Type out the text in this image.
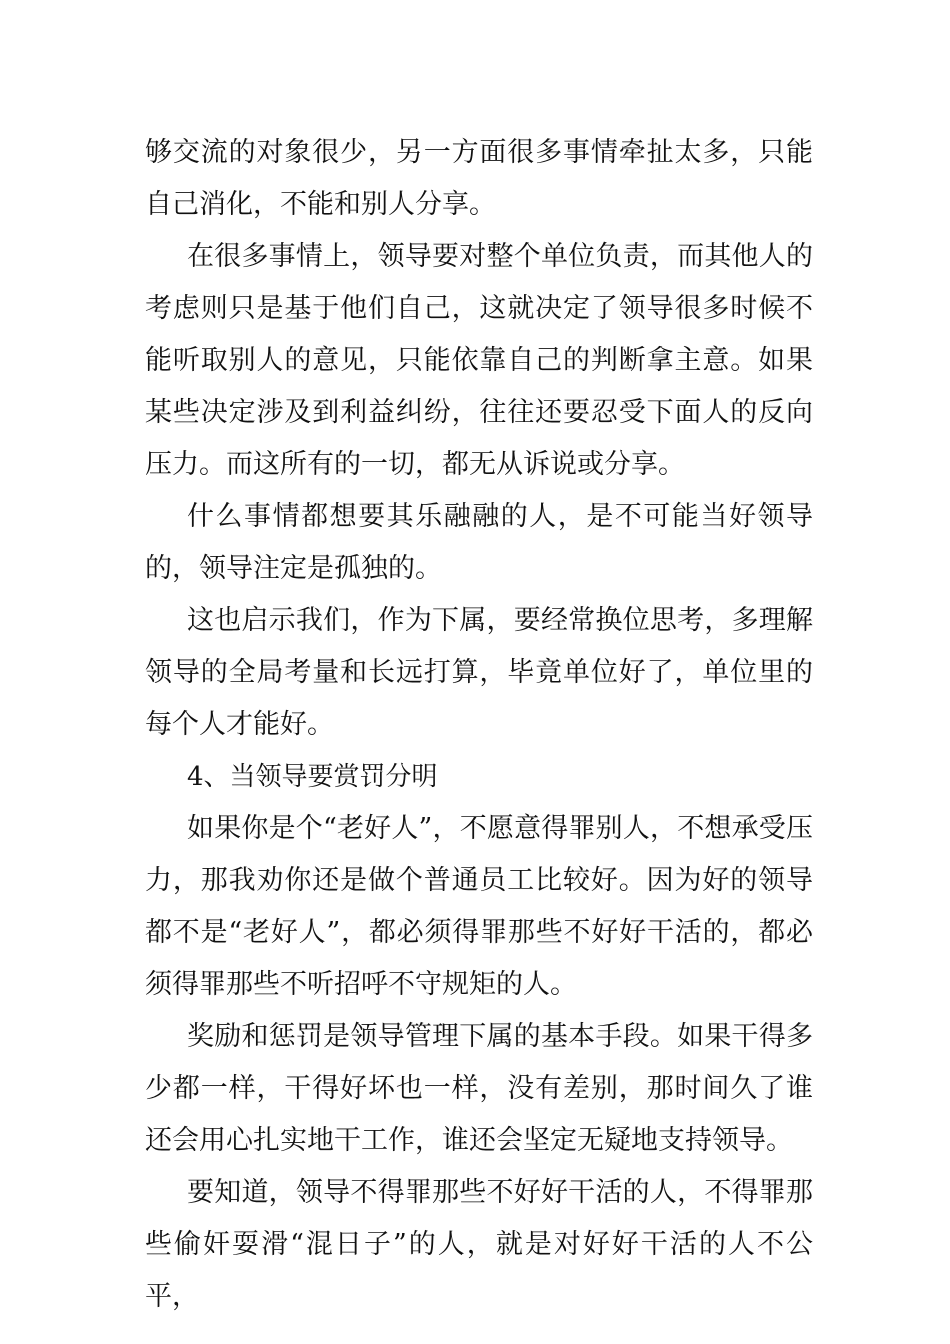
够交流的对象很少，另一方面很多事情牵扯太多，只能自己消化，不能和别人分享。

在很多事情上，领导要对整个单位负责，而其他人的考虑则只是基于他们自己，这就决定了领导很多时候不能听取别人的意见，只能依靠自己的判断拿主意。如果某些决定涉及到利益纠纷，往往还要忍受下面人的反向压力。而这所有的一切，都无从诉说或分享。

什么事情都想要其乐融融的人，是不可能当好领导的，领导注定是孤独的。

这也启示我们，作为下属，要经常换位思考，多理解领导的全局考量和长远打算，毕竟单位好了，单位里的每个人才能好。

4、当领导要赏罚分明

如果你是个“老好人”，不愿意得罪别人，不想承受压力，那我劝你还是做个普通员工比较好。因为好的领导都不是“老好人”，都必须得罪那些不好好干活的，都必须得罪那些不听招呼不守规矩的人。

奖励和惩罚是领导管理下属的基本手段。如果干得多少都一样，干得好坏也一样，没有差别，那时间久了谁还会用心扎实地干工作，谁还会坚定无疑地支持领导。

要知道，领导不得罪那些不好好干活的人，不得罪那些偷奸耍滑“混日子”的人，就是对好好干活的人不公平，
